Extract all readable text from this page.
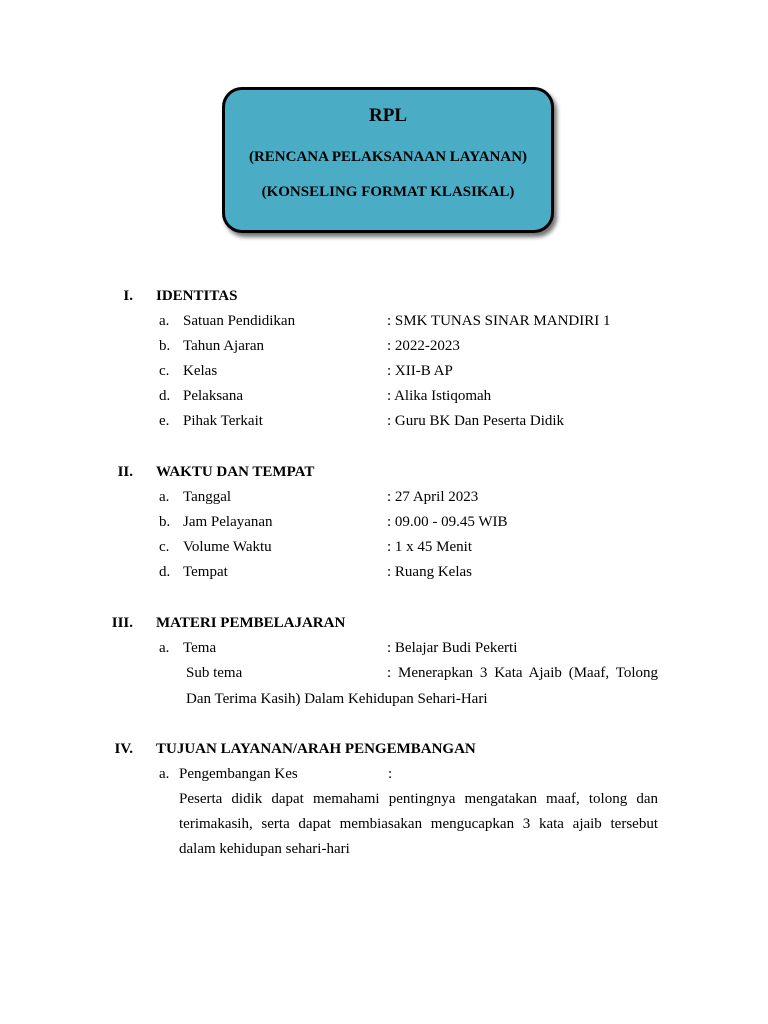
RPL
(RENCANA PELAKSANAAN LAYANAN)
(KONSELING FORMAT KLASIKAL)
I. IDENTITAS
a. Satuan Pendidikan	: SMK TUNAS SINAR MANDIRI 1
b. Tahun Ajaran	: 2022-2023
c. Kelas	: XII-B AP
d. Pelaksana	: Alika Istiqomah
e. Pihak Terkait	: Guru BK Dan Peserta Didik
II. WAKTU DAN TEMPAT
a. Tanggal	: 27 April 2023
b. Jam Pelayanan	: 09.00 - 09.45 WIB
c. Volume Waktu	: 1 x 45 Menit
d. Tempat	: Ruang Kelas
III. MATERI PEMBELAJARAN
a. Tema	: Belajar Budi Pekerti
Sub tema	: Menerapkan 3 Kata Ajaib (Maaf, Tolong
Dan Terima Kasih) Dalam Kehidupan Sehari-Hari
IV. TUJUAN LAYANAN/ARAH PENGEMBANGAN
a. Pengembangan Kes	:
Peserta didik dapat memahami pentingnya mengatakan maaf, tolong dan
terimakasih, serta dapat membiasakan mengucapkan 3 kata ajaib tersebut
dalam kehidupan sehari-hari
